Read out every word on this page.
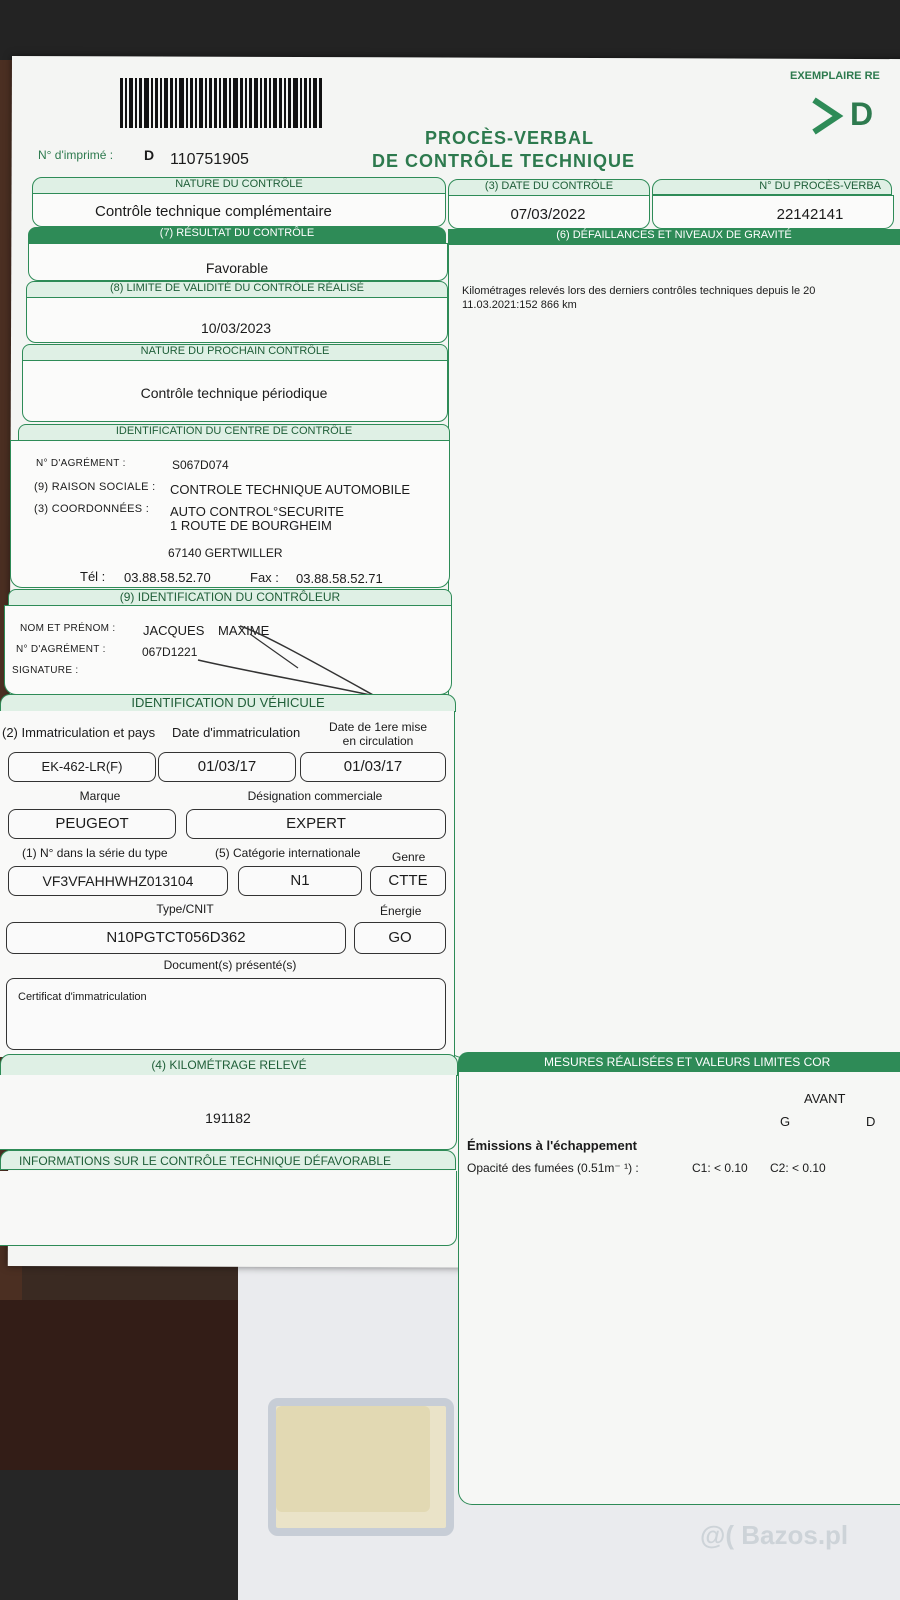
EXEMPLAIRE RE
D
PROCÈS-VERBAL
DE CONTRÔLE TECHNIQUE
N° d'imprimé : D 110751905
NATURE DU CONTRÔLE
Contrôle technique complémentaire
(3) DATE DU CONTRÔLE
07/03/2022
N° DU PROCÈS-VERBA
22142141
(7) RÉSULTAT DU CONTRÔLE
Favorable
(6) DÉFAILLANCES ET NIVEAUX DE GRAVITÉ
Kilométrages relevés lors des derniers contrôles techniques depuis le 20
11.03.2021:152 866 km
(8) LIMITE DE VALIDITÉ DU CONTRÔLE RÉALISÉ
10/03/2023
NATURE DU PROCHAIN CONTRÔLE
Contrôle technique périodique
IDENTIFICATION DU CENTRE DE CONTRÔLE
N° D'AGRÉMENT :	S067D074
(9) RAISON SOCIALE : CONTROLE TECHNIQUE AUTOMOBILE
(3) COORDONNÉES : AUTO CONTROL°SECURITE
1 ROUTE DE BOURGHEIM
67140 GERTWILLER
Tél : 03.88.58.52.70	Fax : 03.88.58.52.71
(9) IDENTIFICATION DU CONTRÔLEUR
NOM ET PRÉNOM : JACQUES MAXIME
N° D'AGRÉMENT :	067D1221
SIGNATURE :
IDENTIFICATION DU VÉHICULE
(2) Immatriculation et pays Date d'immatriculation	Date de 1ere mise
en circulation
EK-462-LR(F)	01/03/17	01/03/17
Marque	Désignation commerciale
PEUGEOT	EXPERT
(1) N° dans la série du type	(5) Catégorie internationale	Genre
VF3VFAHHWHZ013104	N1	CTTE
Type/CNIT	Énergie
N10PGTCT056D362	GO
Document(s) présenté(s)
Certificat d'immatriculation
(4) KILOMÉTRAGE RELEVÉ
191182
INFORMATIONS SUR LE CONTRÔLE TECHNIQUE DÉFAVORABLE
MESURES RÉALISÉES ET VALEURS LIMITES COR
AVANT
G	D
Émissions à l'échappement
Opacité des fumées (0.51m⁻ ¹) :	C1: < 0.10 C2: < 0.10
@( Bazos.pl
